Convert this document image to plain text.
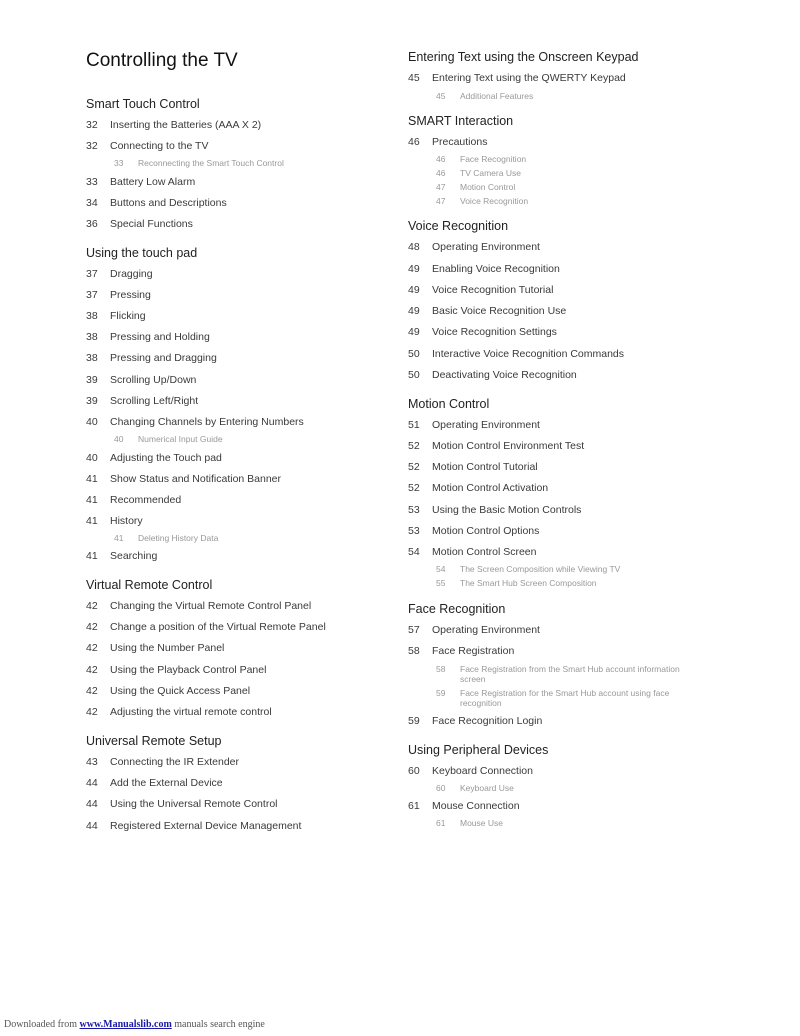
Controlling the TV
Smart Touch Control
32 Inserting the Batteries (AAA X 2)
32 Connecting to the TV
33 Reconnecting the Smart Touch Control
33 Battery Low Alarm
34 Buttons and Descriptions
36 Special Functions
Using the touch pad
37 Dragging
37 Pressing
38 Flicking
38 Pressing and Holding
38 Pressing and Dragging
39 Scrolling Up/Down
39 Scrolling Left/Right
40 Changing Channels by Entering Numbers
40 Numerical Input Guide
40 Adjusting the Touch pad
41 Show Status and Notification Banner
41 Recommended
41 History
41 Deleting History Data
41 Searching
Virtual Remote Control
42 Changing the Virtual Remote Control Panel
42 Change a position of the Virtual Remote Panel
42 Using the Number Panel
42 Using the Playback Control Panel
42 Using the Quick Access Panel
42 Adjusting the virtual remote control
Universal Remote Setup
43 Connecting the IR Extender
44 Add the External Device
44 Using the Universal Remote Control
44 Registered External Device Management
Entering Text using the Onscreen Keypad
45 Entering Text using the QWERTY Keypad
45 Additional Features
SMART Interaction
46 Precautions
46 Face Recognition
46 TV Camera Use
47 Motion Control
47 Voice Recognition
Voice Recognition
48 Operating Environment
49 Enabling Voice Recognition
49 Voice Recognition Tutorial
49 Basic Voice Recognition Use
49 Voice Recognition Settings
50 Interactive Voice Recognition Commands
50 Deactivating Voice Recognition
Motion Control
51 Operating Environment
52 Motion Control Environment Test
52 Motion Control Tutorial
52 Motion Control Activation
53 Using the Basic Motion Controls
53 Motion Control Options
54 Motion Control Screen
54 The Screen Composition while Viewing TV
55 The Smart Hub Screen Composition
Face Recognition
57 Operating Environment
58 Face Registration
58 Face Registration from the Smart Hub account information screen
59 Face Registration for the Smart Hub account using face recognition
59 Face Recognition Login
Using Peripheral Devices
60 Keyboard Connection
60 Keyboard Use
61 Mouse Connection
61 Mouse Use
Downloaded from www.Manualslib.com manuals search engine
